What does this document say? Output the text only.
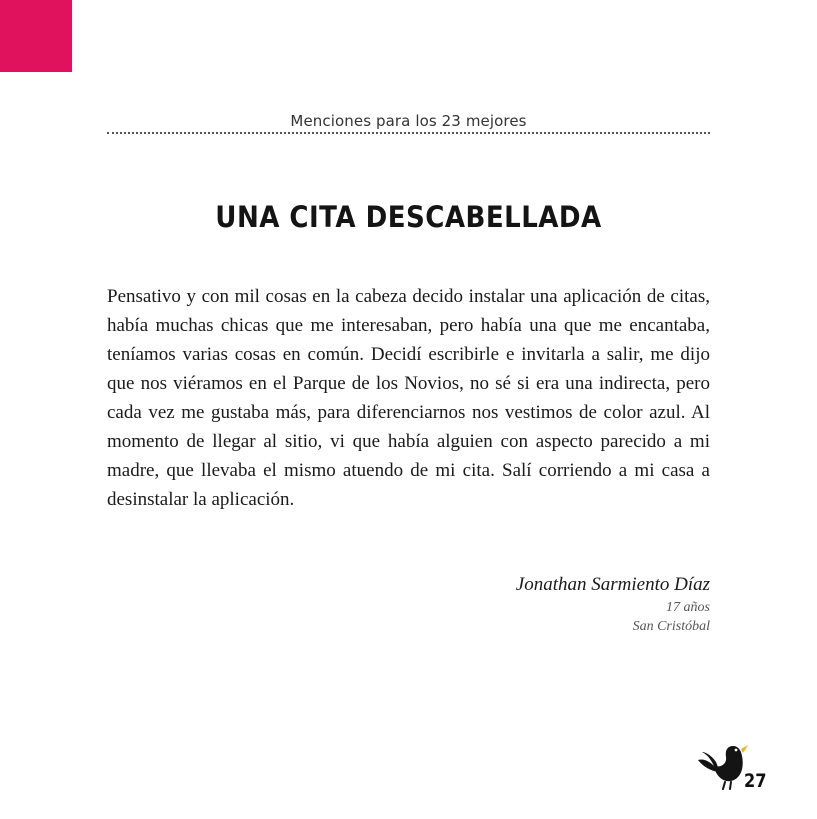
Menciones para los 23 mejores
UNA CITA DESCABELLADA

Pensativo y con mil cosas en la cabeza decido instalar una aplicación de citas, había muchas chicas que me interesaban, pero había una que me encantaba, teníamos varias cosas en común. Decidí escribirle e invitarla a salir, me dijo que nos viéramos en el Parque de los Novios, no sé si era una indirecta, pero cada vez me gustaba más, para diferenciarnos nos vestimos de color azul. Al momento de llegar al sitio, vi que había alguien con aspecto parecido a mi madre, que llevaba el mismo atuendo de mi cita. Salí corriendo a mi casa a desinstalar la aplicación.

Jonathan Sarmiento Díaz
17 años
San Cristóbal
27
